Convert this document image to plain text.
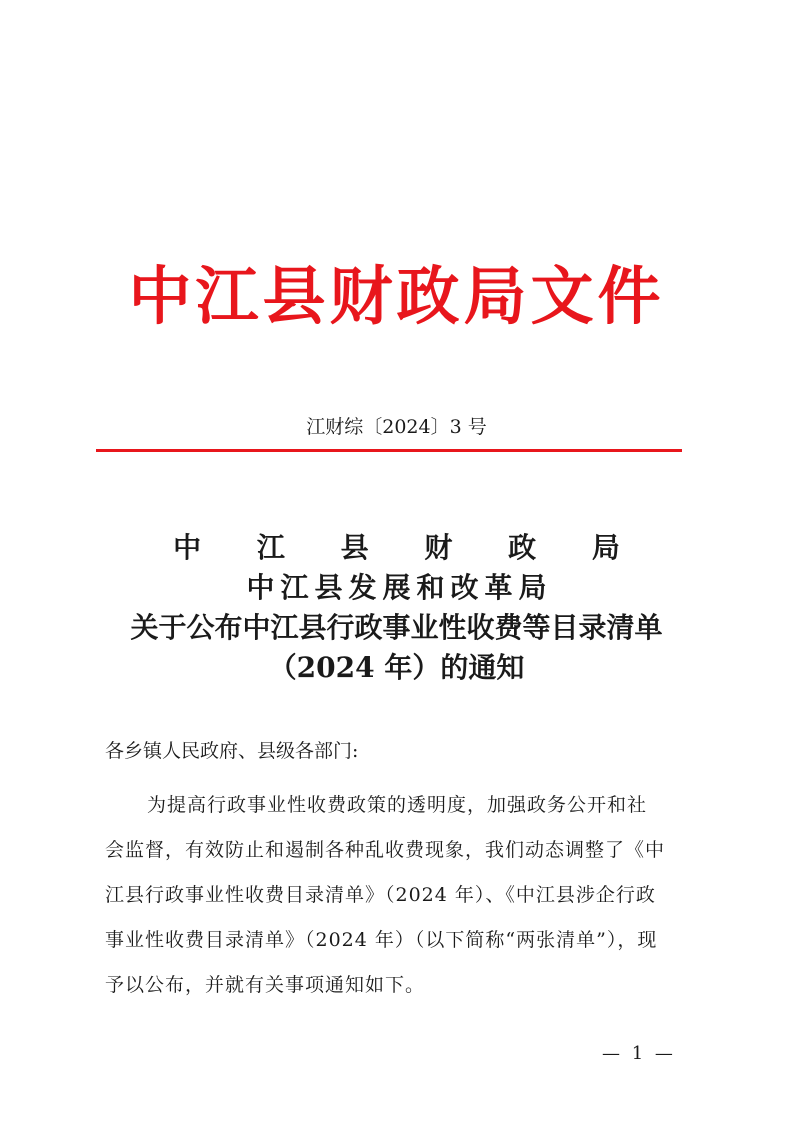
中江县财政局文件
江财综〔2024〕3 号
中 江 县 财 政 局
中江县发展和改革局
关于公布中江县行政事业性收费等目录清单
（2024 年）的通知
各乡镇人民政府、县级各部门:
为提高行政事业性收费政策的透明度，加强政务公开和社
会监督，有效防止和遏制各种乱收费现象，我们动态调整了《中
江县行政事业性收费目录清单》（2024 年）、《中江县涉企行政
事业性收费目录清单》（2024 年）（以下简称“两张清单”），现
予以公布，并就有关事项通知如下。
— 1 —
